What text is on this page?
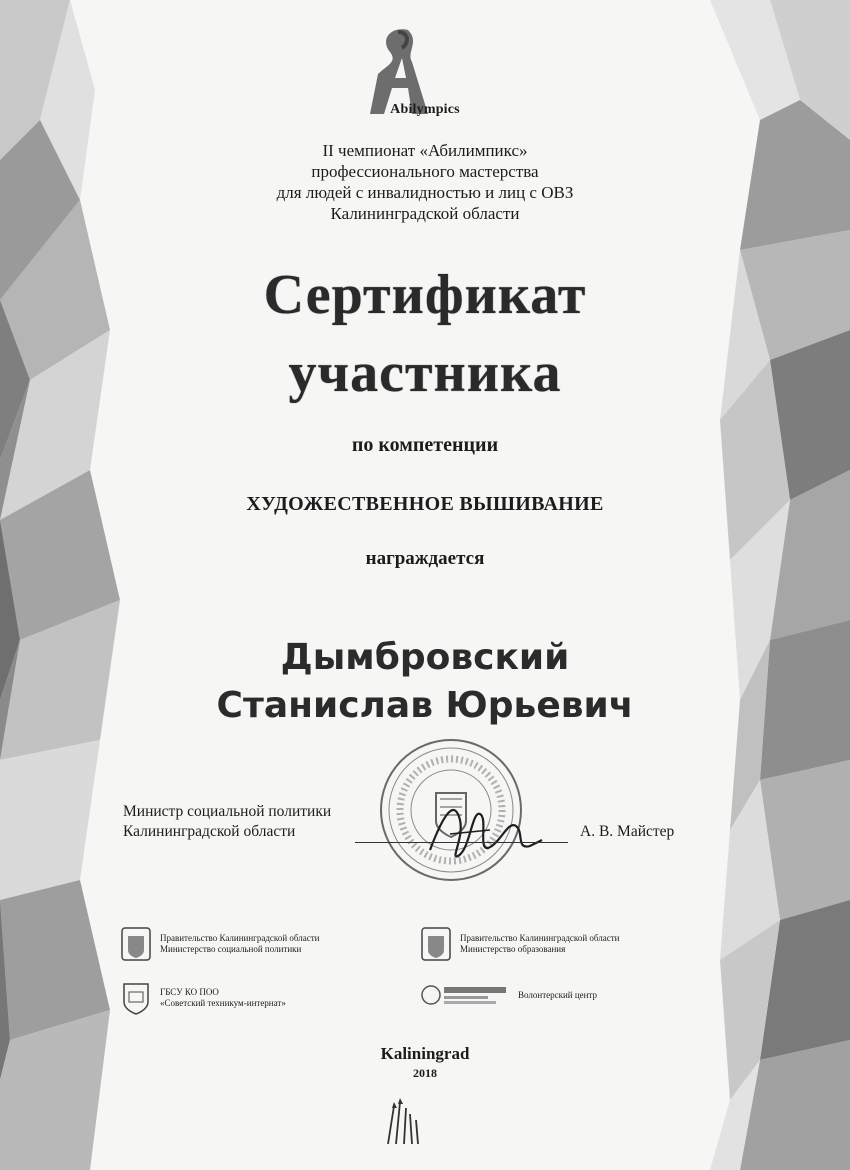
Abilympics
II чемпионат «Абилимпикс»
профессионального мастерства
для людей с инвалидностью и лиц с ОВЗ
Калининградской области
Сертификат
участника
по компетенции
ХУДОЖЕСТВЕННОЕ ВЫШИВАНИЕ
награждается
Дымбровский
Станислав Юрьевич
Министр социальной политики
Калининградской области	А. В. Майстер
Правительство Калининградской области
Министерство социальной политики
Правительство Калининградской области
Министерство образования
ГБСУ КО ПОО
«Советский техникум-интернат»
Волонтерский центр
Kaliningrad
2018
